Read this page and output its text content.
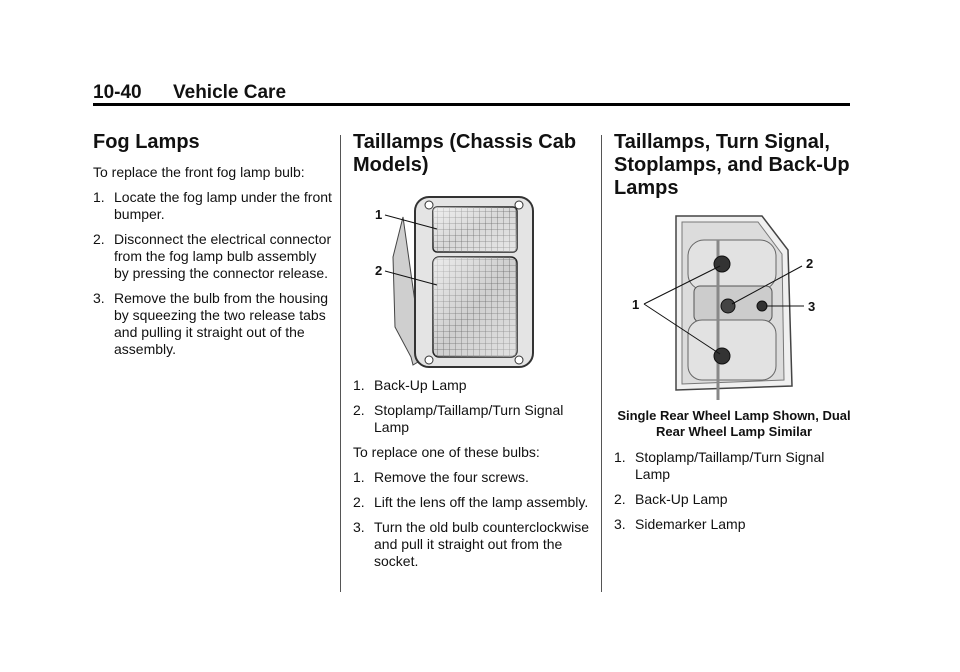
10-40 Vehicle Care
Fog Lamps

To replace the front fog lamp bulb:

1. Locate the fog lamp under the front bumper.
2. Disconnect the electrical connector from the fog lamp bulb assembly by pressing the connector release.
3. Remove the bulb from the housing by squeezing the two release tabs and pulling it straight out of the assembly.
Taillamps (Chassis Cab Models)
1
2
1. Back-Up Lamp
2. Stoplamp/Taillamp/Turn Signal Lamp

To replace one of these bulbs:

1. Remove the four screws.
2. Lift the lens off the lamp assembly.
3. Turn the old bulb counterclockwise and pull it straight out from the socket.
Taillamps, Turn Signal, Stoplamps, and Back-Up Lamps
1
2
3
Single Rear Wheel Lamp Shown, Dual Rear Wheel Lamp Similar
1. Stoplamp/Taillamp/Turn Signal Lamp
2. Back-Up Lamp
3. Sidemarker Lamp
